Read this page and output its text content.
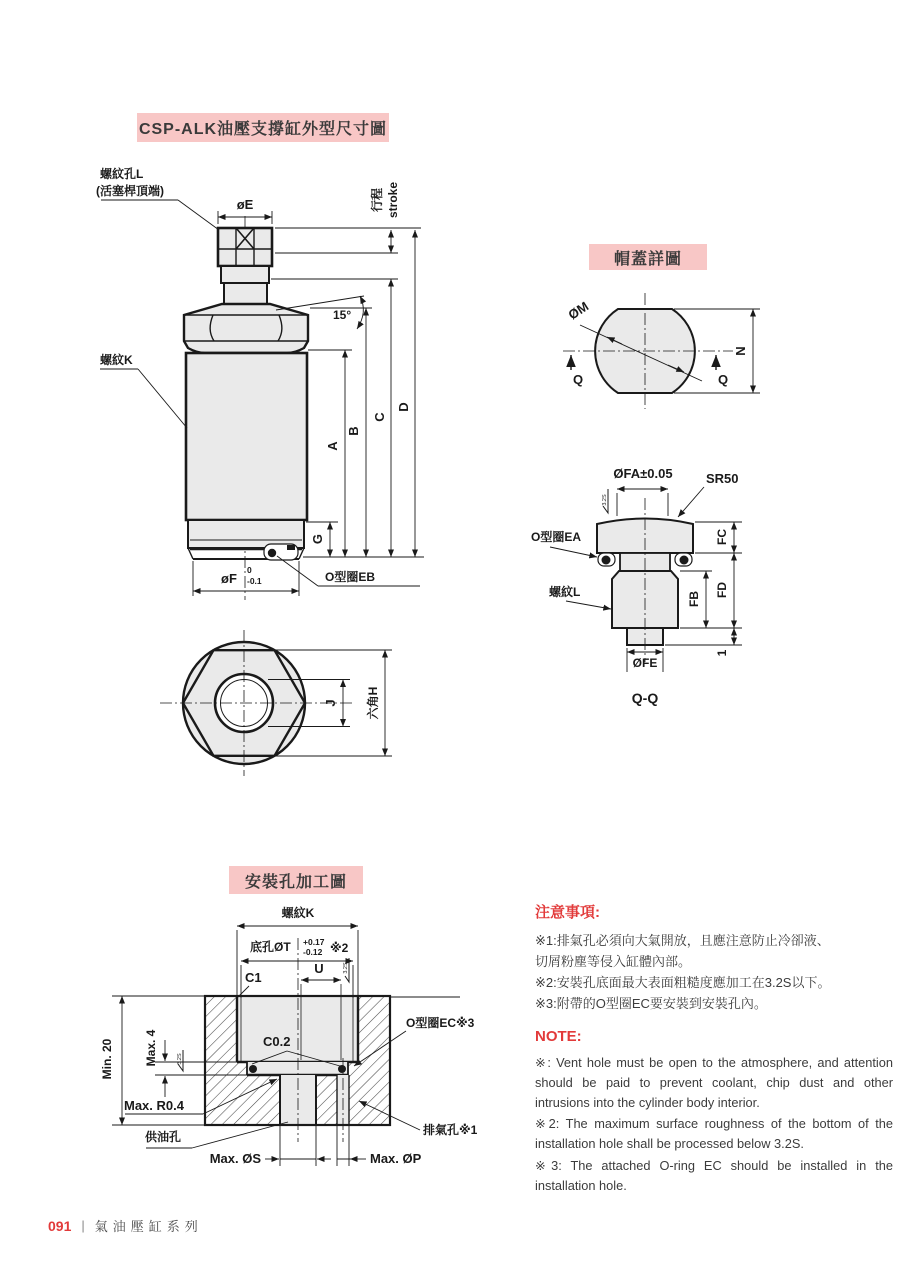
CSP-ALK油壓支撐缸外型尺寸圖
帽蓋詳圖
安裝孔加工圖
螺紋孔L
(活塞桿頂端)
øE	行程 stroke
15°
螺紋K
A
B
C
D
G
øF
0
-0.1	O型圈EB
J 六角H
ØM
N
Q	Q
3.2S
ØFA±0.05	SR50
O型圈EA
螺紋L
FC
FD
FB
1
ØFE
Q-Q
螺紋K
底孔ØT +0.17
-0.12 ※2
C1
U	3.2S
O型圈EC※3
C0.2
Min. 20	Max. 4	3.2S
Max. R0.4
供油孔
Max. ØS	Max. ØP
排氣孔※1
注意事項:
※1:排氣孔必須向大氣開放，且應注意防止冷卻液、
切屑粉塵等侵入缸體內部。
※2:安裝孔底面最大表面粗糙度應加工在3.2S以下。
※3:附帶的O型圈EC要安裝到安裝孔內。
NOTE:

※: Vent hole must be open to the atmosphere, and attention should be paid to prevent coolant, chip dust and other intrusions into the cylinder body interior.

※2: The maximum surface roughness of the bottom of the installation hole shall be processed below 3.2S.

※3: The attached O-ring EC should be installed in the installation hole.

091 | 氣油壓缸系列
